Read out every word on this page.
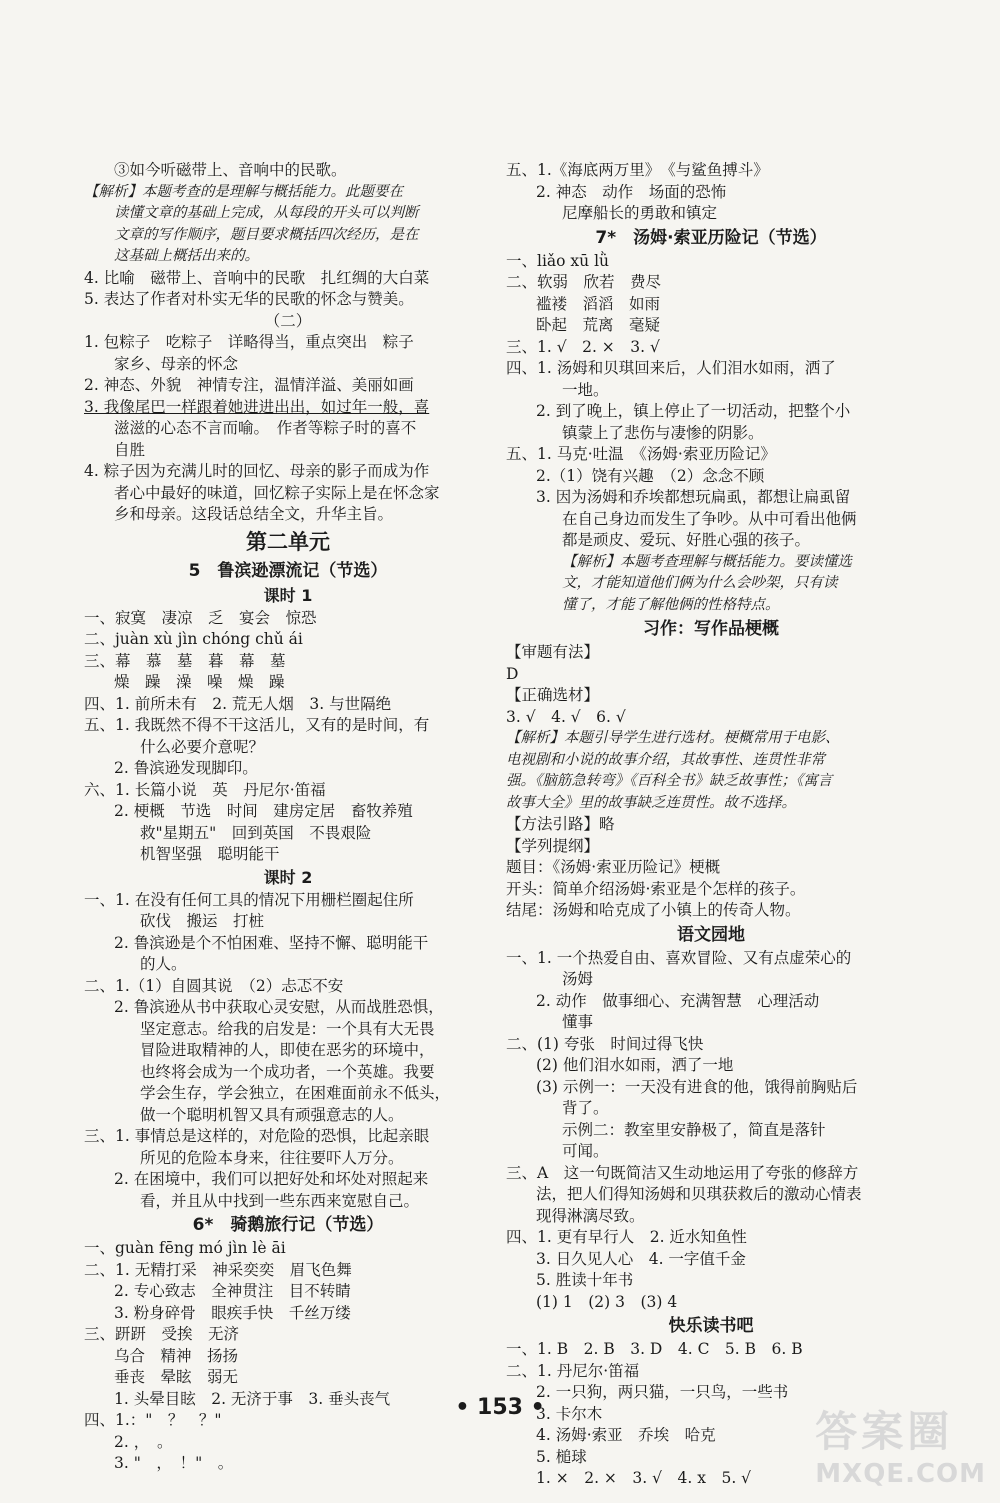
③如今听磁带上、音响中的民歌。
【解析】本题考查的是理解与概括能力。此题要在
读懂文章的基础上完成，从每段的开头可以判断
文章的写作顺序，题目要求概括四次经历，是在
这基础上概括出来的。
4. 比喻　磁带上、音响中的民歌　扎红绸的大白菜
5. 表达了作者对朴实无华的民歌的怀念与赞美。
（二）
1. 包粽子　吃粽子　详略得当，重点突出　粽子
家乡、母亲的怀念
2. 神态、外貌　神情专注，温情洋溢、美丽如画
3. 我像尾巴一样跟着她进进出出，如过年一般，喜
滋滋的心态不言而喻。　作者等粽子时的喜不
自胜
4. 粽子因为充满儿时的回忆、母亲的影子而成为作
者心中最好的味道，回忆粽子实际上是在怀念家
乡和母亲。这段话总结全文，升华主旨。
第二单元
5　鲁滨逊漂流记（节选）
课时 1
一、寂寞　凄凉　乏　宴会　惊恐
二、juàn xù jìn chóng chǔ ái
三、幕　慕　墓　暮　幕　墓
燥　躁　澡　噪　燥　躁
四、1. 前所未有　2. 荒无人烟　3. 与世隔绝
五、1. 我既然不得不干这活儿，又有的是时间，有
什么必要介意呢？
2. 鲁滨逊发现脚印。
六、1. 长篇小说　英　丹尼尔·笛福
2. 梗概　节选　时间　建房定居　畜牧养殖
救"星期五"　回到英国　不畏艰险
机智坚强　聪明能干
课时 2
一、1. 在没有任何工具的情况下用栅栏圈起住所
砍伐　搬运　打桩
2. 鲁滨逊是个不怕困难、坚持不懈、聪明能干
的人。
二、1.（1）自圆其说　（2）忐忑不安
2. 鲁滨逊从书中获取心灵安慰，从而战胜恐惧，
坚定意志。给我的启发是：一个具有大无畏
冒险进取精神的人，即使在恶劣的环境中，
也终将会成为一个成功者，一个英雄。我要
学会生存，学会独立，在困难面前永不低头，
做一个聪明机智又具有顽强意志的人。
三、1. 事情总是这样的，对危险的恐惧，比起亲眼
所见的危险本身来，往往要吓人万分。
2. 在困境中，我们可以把好处和坏处对照起来
看，并且从中找到一些东西来宽慰自己。
6*　骑鹅旅行记（节选）
一、guàn fēng mó jìn lè āi
二、1. 无精打采　神采奕奕　眉飞色舞
2. 专心致志　全神贯注　目不转睛
3. 粉身碎骨　眼疾手快　千丝万缕
三、趼趼　受挨　无济
乌合　精神　扬扬
垂丧　晕眩　弱无
1. 头晕目眩　2. 无济于事　3. 垂头丧气
四、1.："　？　？"
2. ，　。
3. "　，　！"　。
五、1.《海底两万里》　《与鲨鱼搏斗》
2. 神态　动作　场面的恐怖
尼摩船长的勇敢和镇定
7*　汤姆·索亚历险记（节选）
一、liǎo xū lǜ
二、软弱　欣若　费尽
褴褛　滔滔　如雨
卧起　荒离　毫疑
三、1. √　2. ×　3. √
四、1. 汤姆和贝琪回来后，人们泪水如雨，洒了
一地。
2. 到了晚上，镇上停止了一切活动，把整个小
镇蒙上了悲伤与凄惨的阴影。
五、1. 马克·吐温　《汤姆·索亚历险记》
2.（1）饶有兴趣　（2）念念不顾
3. 因为汤姆和乔埃都想玩扁虱，都想让扁虱留
在自己身边而发生了争吵。从中可看出他俩
都是顽皮、爱玩、好胜心强的孩子。
【解析】本题考查理解与概括能力。要读懂选
文，才能知道他们俩为什么会吵架，只有读
懂了，才能了解他俩的性格特点。
习作：写作品梗概
【审题有法】
D
【正确选材】
3. √　4. √　6. √
【解析】本题引导学生进行选材。梗概常用于电影、
电视剧和小说的故事介绍，其故事性、连贯性非常
强。《脑筋急转弯》《百科全书》缺乏故事性；《寓言
故事大全》里的故事缺乏连贯性。故不选择。
【方法引路】略
【学列提纲】
题目：《汤姆·索亚历险记》梗概
开头：简单介绍汤姆·索亚是个怎样的孩子。
结尾：汤姆和哈克成了小镇上的传奇人物。
语文园地
一、1. 一个热爱自由、喜欢冒险、又有点虚荣心的
汤姆
2. 动作　做事细心、充满智慧　心理活动
懂事
二、(1) 夸张　时间过得飞快
(2) 他们泪水如雨，洒了一地
(3) 示例一：一天没有进食的他，饿得前胸贴后
背了。
示例二：教室里安静极了，简直是落针
可闻。
三、A　这一句既简洁又生动地运用了夸张的修辞方
法，把人们得知汤姆和贝琪获救后的激动心情表
现得淋漓尽致。
四、1. 更有早行人　2. 近水知鱼性
3. 日久见人心　4. 一字值千金
5. 胜读十年书
(1) 1　(2) 3　(3) 4
快乐读书吧
一、1. B　2. B　3. D　4. C　5. B　6. B
二、1. 丹尼尔·笛福
2. 一只狗，两只猫，一只鸟，一些书
3. 卡尔木
4. 汤姆·索亚　乔埃　哈克
5. 槌球
1. ×　2. ×　3. √　4. x　5. √
• 153 •	答案圈
MXQE.COM
